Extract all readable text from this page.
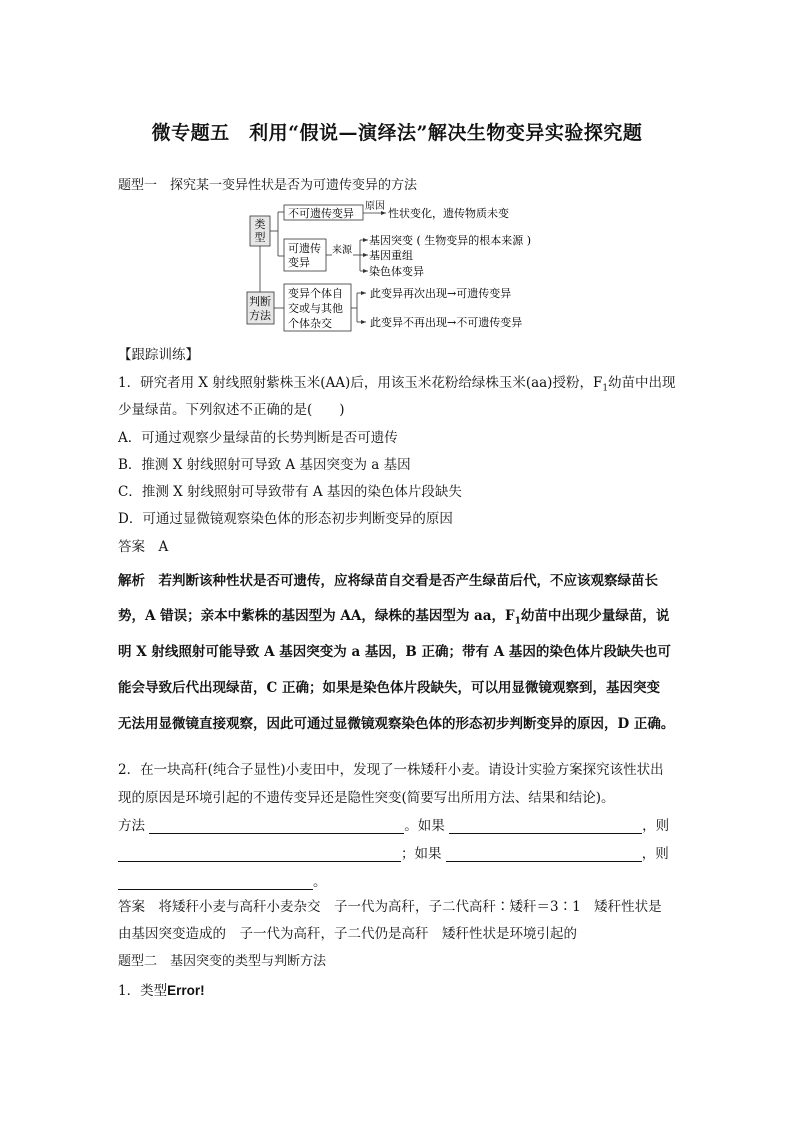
微专题五　利用“假说—演绎法”解决生物变异实验探究题
题型一　探究某一变异性状是否为可遗传变异的方法
类
型
不可遗传变异
原因
性状变化，遗传物质未变
可遗传
变异
来源
基因突变 ( 生物变异的根本来源 )
基因重组
染色体变异
判断
方法
变异个体自
交或与其他
个体杂交
此变异再次出现→可遗传变异
此变异不再出现→不可遗传变异
【跟踪训练】
1．研究者用 X 射线照射紫株玉米(AA)后，用该玉米花粉给绿株玉米(aa)授粉，$F_1$幼苗中出现
少量绿苗。下列叙述不正确的是(　　)
A．可通过观察少量绿苗的长势判断是否可遗传
B．推测 X 射线照射可导致 A 基因突变为 a 基因
C．推测 X 射线照射可导致带有 A 基因的染色体片段缺失
D．可通过显微镜观察染色体的形态初步判断变异的原因
答案　A
解析　若判断该种性状是否可遗传，应将绿苗自交看是否产生绿苗后代，不应该观察绿苗长
势，A 错误；亲本中紫株的基因型为 AA，绿株的基因型为 aa，$F_1$幼苗中出现少量绿苗，说
明 X 射线照射可能导致 A 基因突变为 a 基因，B 正确；带有 A 基因的染色体片段缺失也可
能会导致后代出现绿苗，C 正确；如果是染色体片段缺失，可以用显微镜观察到，基因突变
无法用显微镜直接观察，因此可通过显微镜观察染色体的形态初步判断变异的原因，D 正确。
2．在一块高秆(纯合子显性)小麦田中，发现了一株矮秆小麦。请设计实验方案探究该性状出
现的原因是环境引起的不遗传变异还是隐性突变(简要写出所用方法、结果和结论)。
方法	。如果	，则
；如果	，则
。
答案　将矮秆小麦与高秆小麦杂交　子一代为高秆，子二代高秆∶矮秆＝3∶1　矮秆性状是
由基因突变造成的　子一代为高秆，子二代仍是高秆　矮秆性状是环境引起的
题型二　基因突变的类型与判断方法
1．类型Error!
